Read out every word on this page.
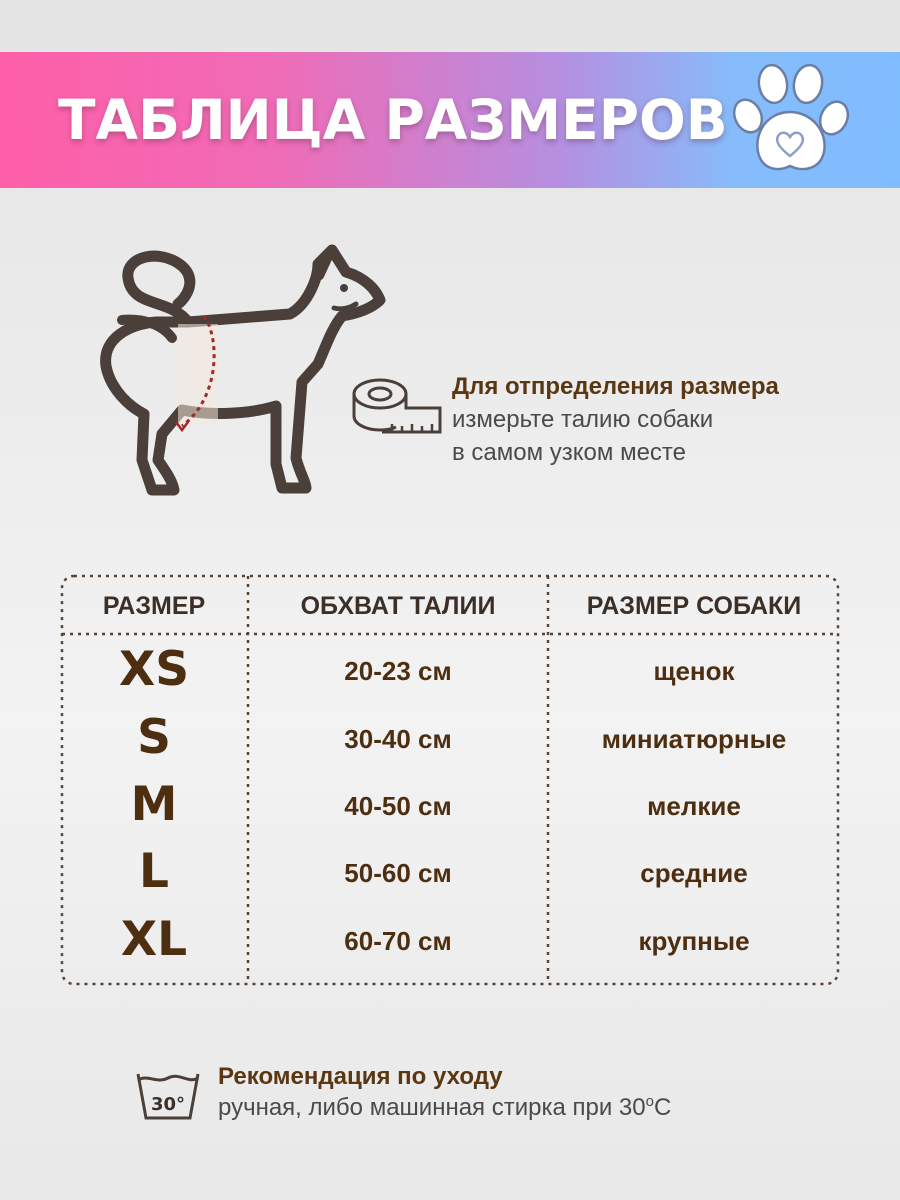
ТАБЛИЦА РАЗМЕРОВ
Для отпределения размера
измерьте талию собаки
в самом узком месте
РАЗМЕР	ОБХВАТ ТАЛИИ	РАЗМЕР СОБАКИ
XS	20-23 см	щенок
S	30-40 см	миниатюрные
M	40-50 см	мелкие
L	50-60 см	средние
XL	60-70 см	крупные
30°
Рекомендация по уходу
ручная, либо машинная стирка при 30$^o$C
